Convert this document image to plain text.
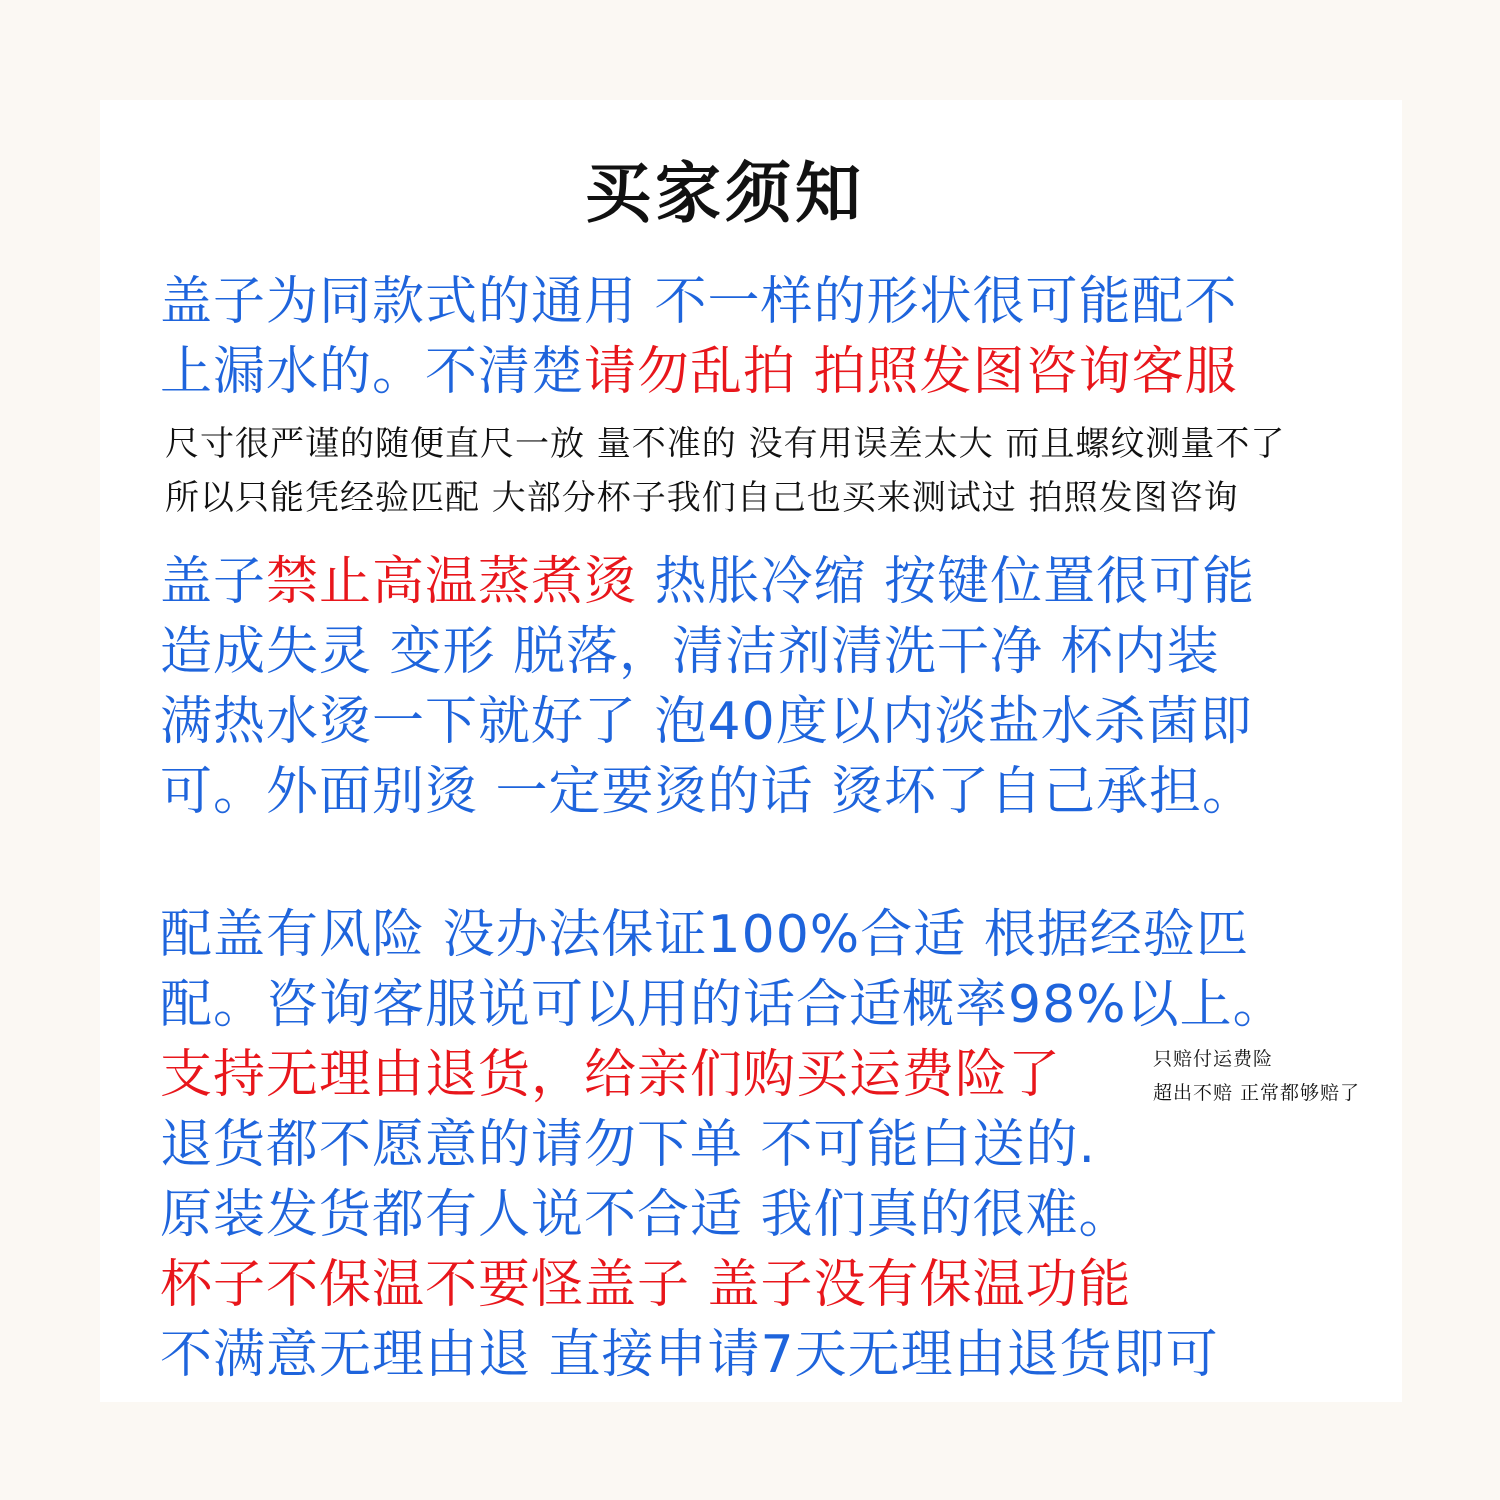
买家须知
盖子为同款式的通用 不一样的形状很可能配不
上漏水的。不清楚请勿乱拍 拍照发图咨询客服
尺寸很严谨的随便直尺一放 量不准的 没有用误差太大 而且螺纹测量不了
所以只能凭经验匹配 大部分杯子我们自己也买来测试过 拍照发图咨询
盖子禁止高温蒸煮烫 热胀冷缩 按键位置很可能
造成失灵 变形 脱落，清洁剂清洗干净 杯内装
满热水烫一下就好了 泡40度以内淡盐水杀菌即
可。外面别烫 一定要烫的话 烫坏了自己承担。
配盖有风险 没办法保证100%合适 根据经验匹
配。咨询客服说可以用的话合适概率98%以上。
支持无理由退货，给亲们购买运费险了	只赔付运费险
超出不赔 正常都够赔了
退货都不愿意的请勿下单 不可能白送的.
原装发货都有人说不合适 我们真的很难。
杯子不保温不要怪盖子 盖子没有保温功能
不满意无理由退 直接申请7天无理由退货即可
